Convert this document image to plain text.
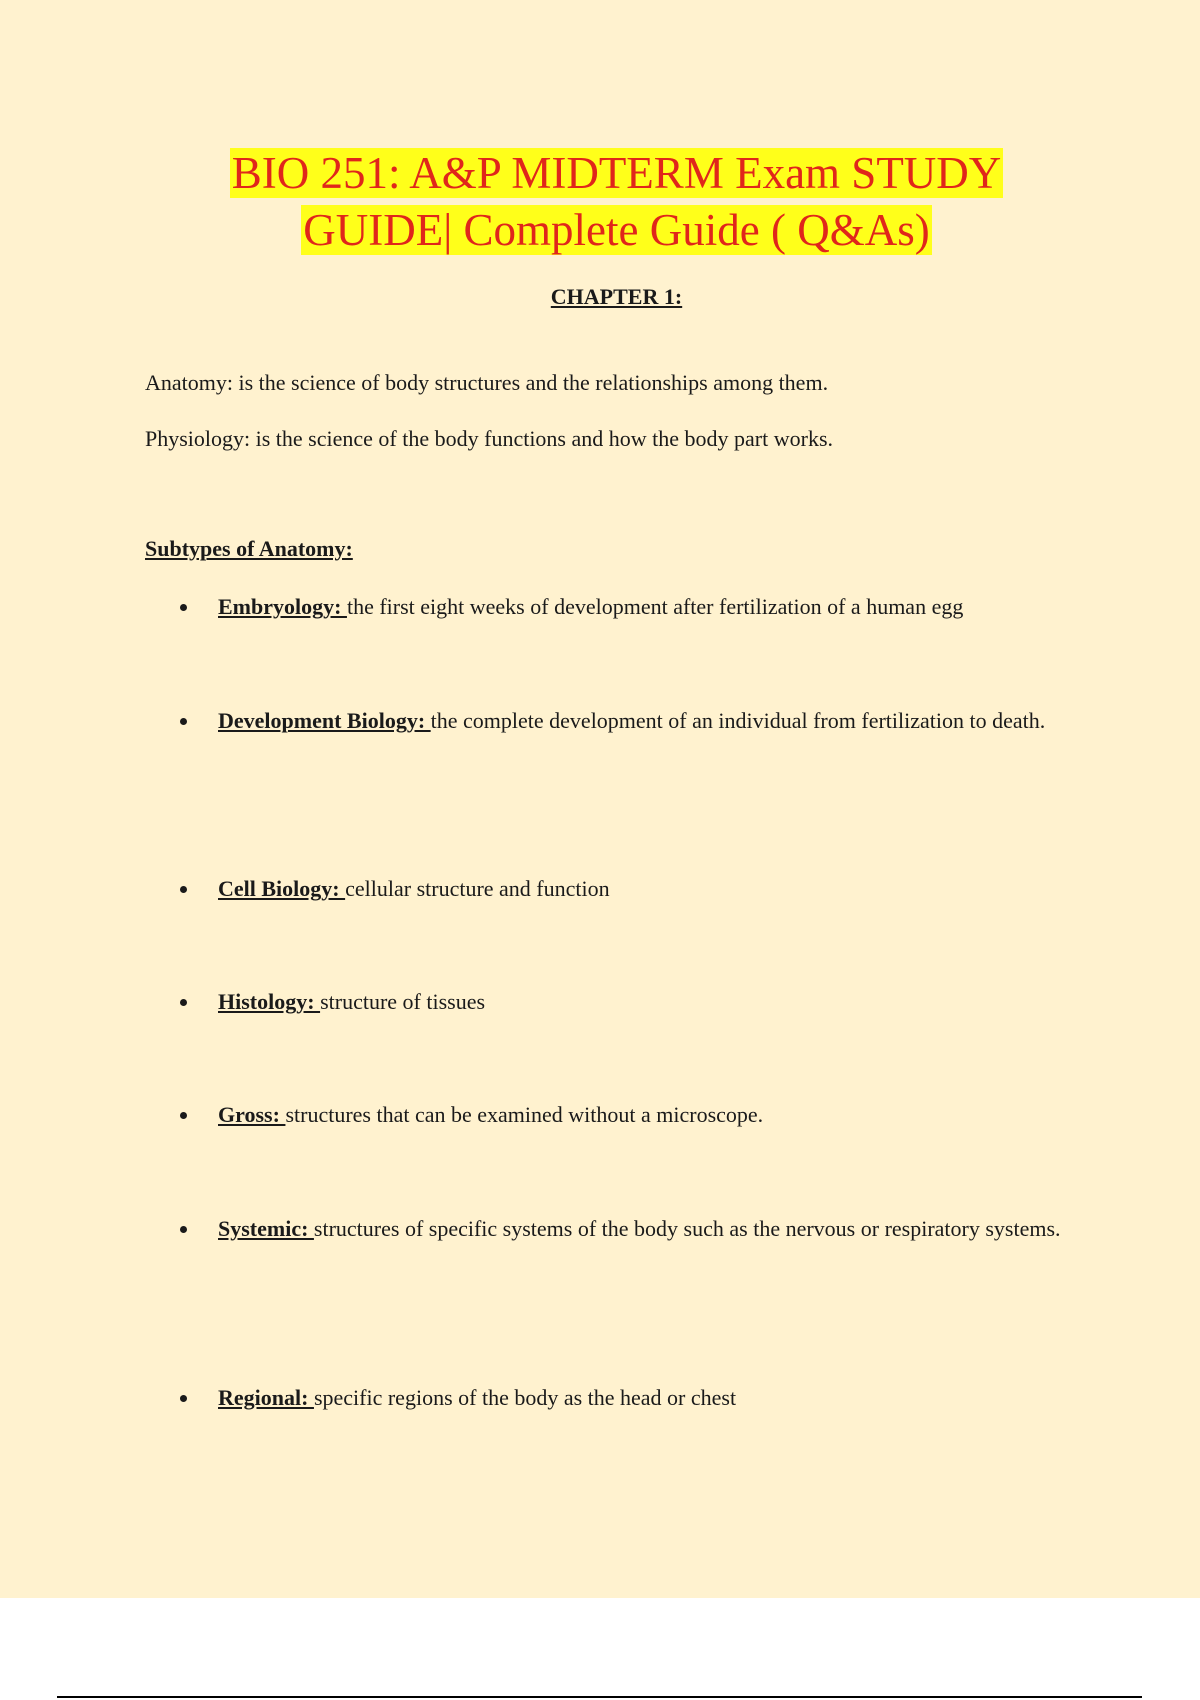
BIO 251: A&P MIDTERM Exam STUDY
GUIDE| Complete Guide ( Q&As)
CHAPTER 1:
Anatomy: is the science of body structures and the relationships among them.
Physiology: is the science of the body functions and how the body part works.
Subtypes of Anatomy:
Embryology: the first eight weeks of development after fertilization of a human egg
Development Biology: the complete development of an individual from fertilization to death.
Cell Biology: cellular structure and function
Histology: structure of tissues
Gross: structures that can be examined without a microscope.
Systemic: structures of specific systems of the body such as the nervous or respiratory systems.
Regional: specific regions of the body as the head or chest
